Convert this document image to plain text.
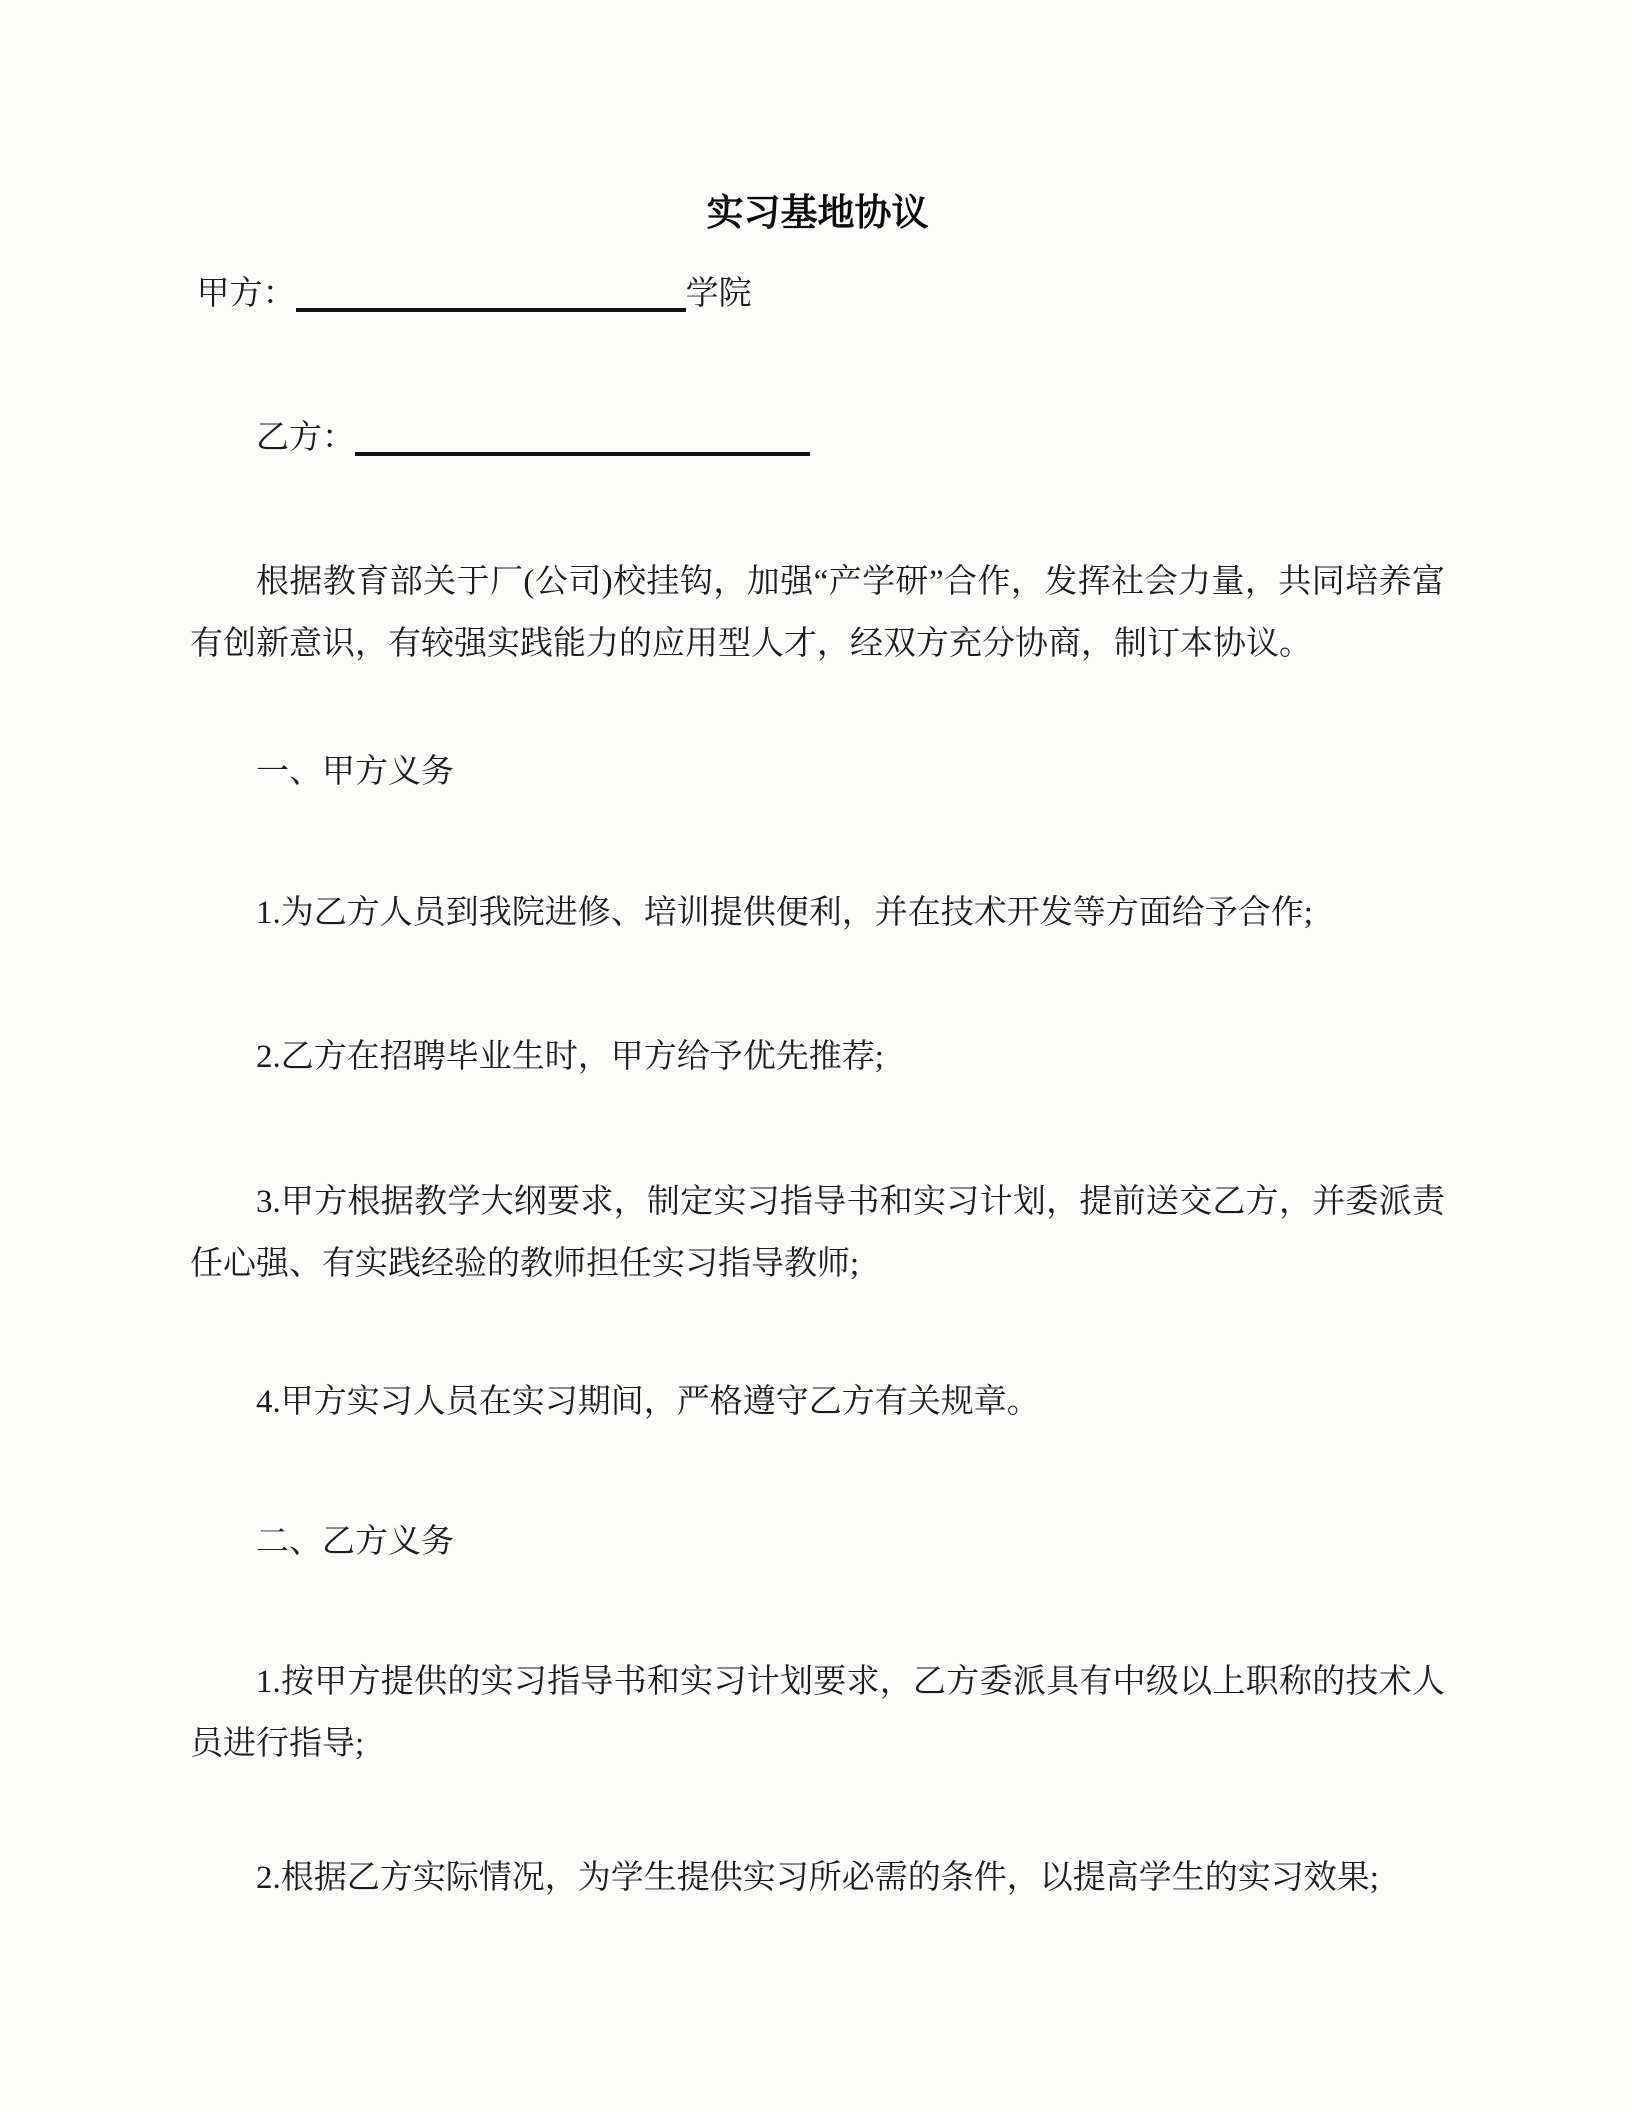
实习基地协议

甲方：	学院

乙方：

根据教育部关于厂(公司)校挂钩，加强“产学研”合作，发挥社会力量，共同培养富有创新意识，有较强实践能力的应用型人才，经双方充分协商，制订本协议。

一、甲方义务

1.为乙方人员到我院进修、培训提供便利，并在技术开发等方面给予合作;

2.乙方在招聘毕业生时，甲方给予优先推荐;

3.甲方根据教学大纲要求，制定实习指导书和实习计划，提前送交乙方，并委派责任心强、有实践经验的教师担任实习指导教师;

4.甲方实习人员在实习期间，严格遵守乙方有关规章。

二、乙方义务

1.按甲方提供的实习指导书和实习计划要求，乙方委派具有中级以上职称的技术人员进行指导;

2.根据乙方实际情况，为学生提供实习所必需的条件，以提高学生的实习效果;
